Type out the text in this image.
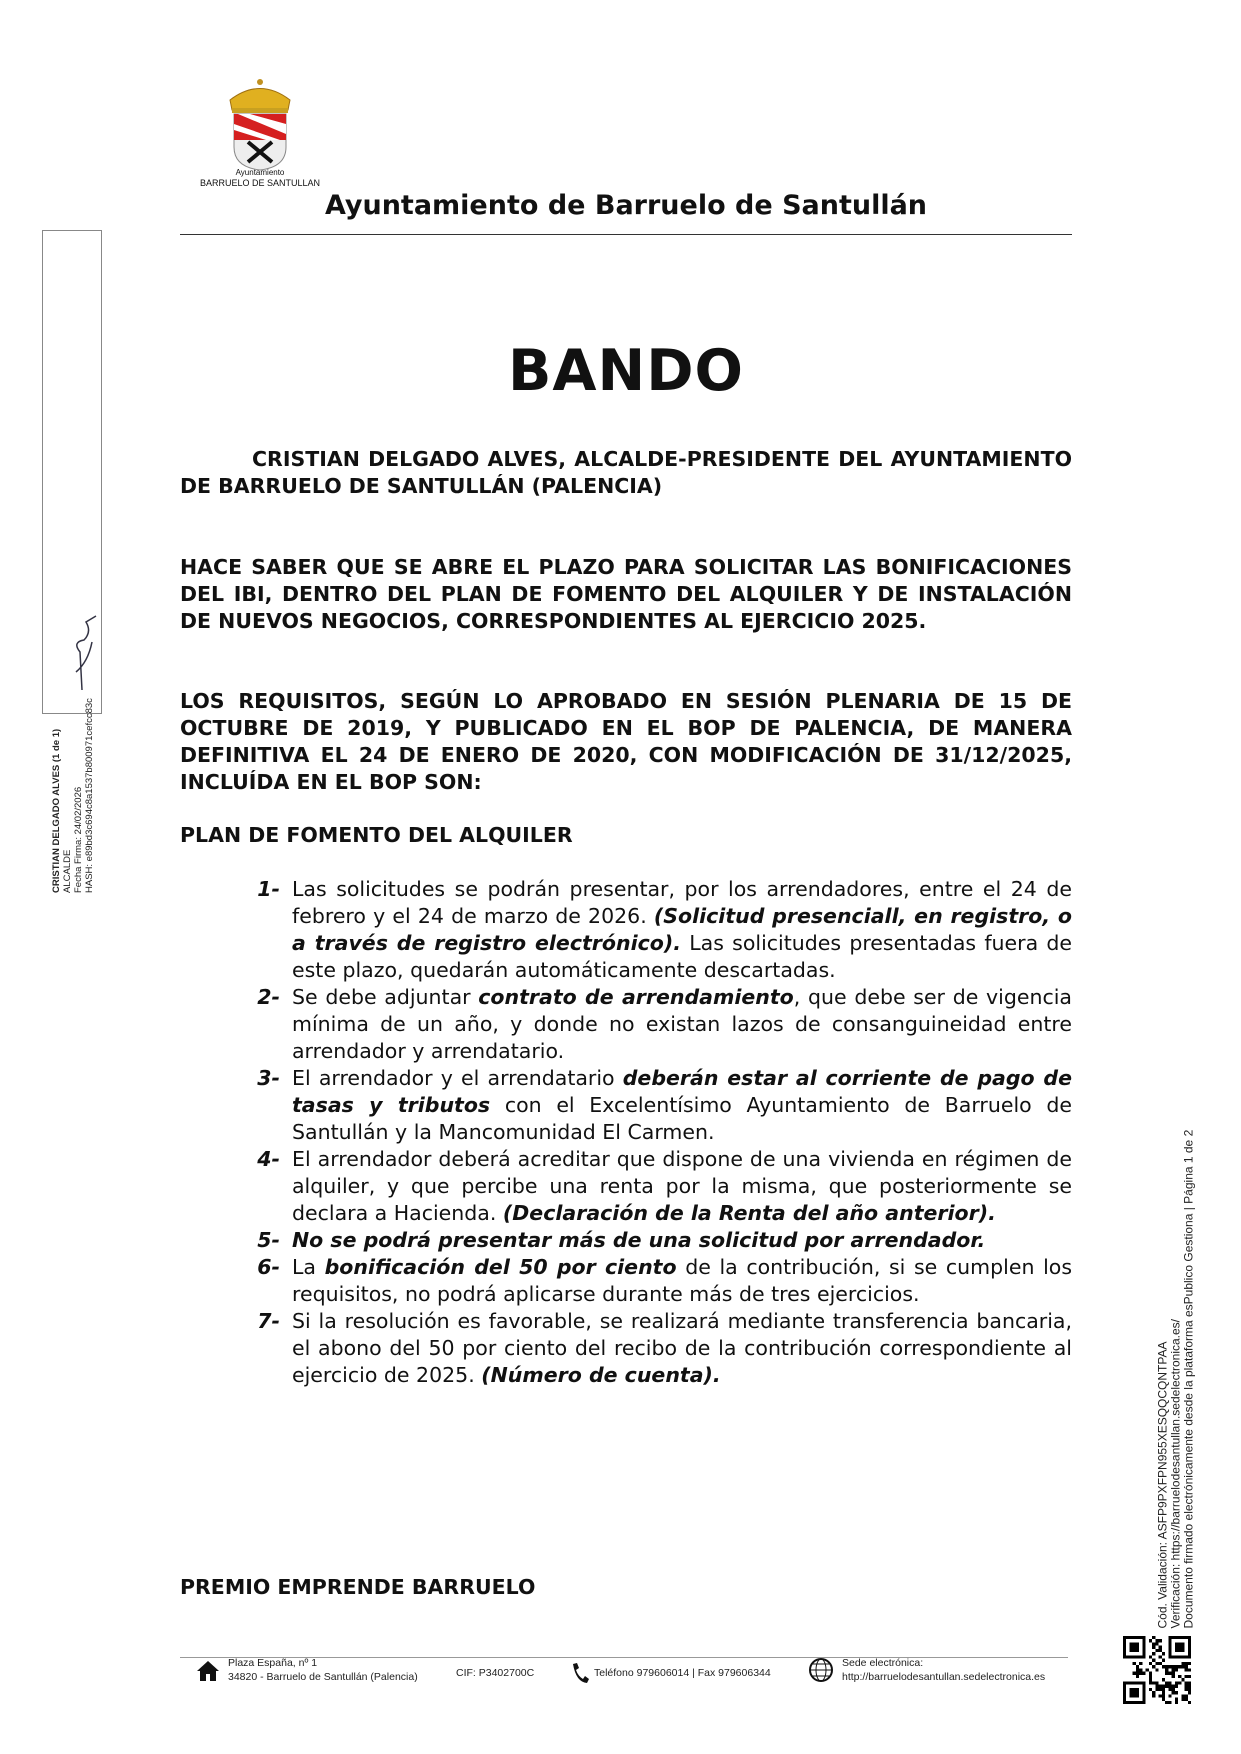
Ayuntamiento
BARRUELO DE SANTULLAN
Ayuntamiento de Barruelo de Santullán
BANDO
CRISTIAN DELGADO ALVES, ALCALDE-PRESIDENTE DEL AYUNTAMIENTO DE BARRUELO DE SANTULLÁN (PALENCIA)
HACE SABER QUE SE ABRE EL PLAZO PARA SOLICITAR LAS BONIFICACIONES DEL IBI, DENTRO DEL PLAN DE FOMENTO DEL ALQUILER Y DE INSTALACIÓN DE NUEVOS NEGOCIOS, CORRESPONDIENTES AL EJERCICIO 2025.
LOS REQUISITOS, SEGÚN LO APROBADO EN SESIÓN PLENARIA DE 15 DE OCTUBRE DE 2019, Y PUBLICADO EN EL BOP DE PALENCIA, DE MANERA DEFINITIVA EL 24 DE ENERO DE 2020, CON MODIFICACIÓN DE 31/12/2025, INCLUÍDA EN EL BOP SON:
PLAN DE FOMENTO DEL ALQUILER
1- Las solicitudes se podrán presentar, por los arrendadores, entre el 24 de febrero y el 24 de marzo de 2026. (Solicitud presenciall, en registro, o a través de registro electrónico). Las solicitudes presentadas fuera de este plazo, quedarán automáticamente descartadas.
2- Se debe adjuntar contrato de arrendamiento, que debe ser de vigencia mínima de un año, y donde no existan lazos de consanguineidad entre arrendador y arrendatario.
3- El arrendador y el arrendatario deberán estar al corriente de pago de tasas y tributos con el Excelentísimo Ayuntamiento de Barruelo de Santullán y la Mancomunidad El Carmen.
4- El arrendador deberá acreditar que dispone de una vivienda en régimen de alquiler, y que percibe una renta por la misma, que posteriormente se declara a Hacienda. (Declaración de la Renta del año anterior).
5- No se podrá presentar más de una solicitud por arrendador.
6- La bonificación del 50 por ciento de la contribución, si se cumplen los requisitos, no podrá aplicarse durante más de tres ejercicios.
7- Si la resolución es favorable, se realizará mediante transferencia bancaria, el abono del 50 por ciento del recibo de la contribución correspondiente al ejercicio de 2025. (Número de cuenta).
PREMIO EMPRENDE BARRUELO
CRISTIAN DELGADO ALVES (1 de 1) ALCALDE Fecha Firma: 24/02/2026 HASH: e89bd3c694c8a1537b800971cefcc83c
Cód. Validación: ASFP9PXFPN955XESQQCQNTPAA Verificación: https://barruelodesantullan.sedelectronica.es/ Documento firmado electrónicamente desde la plataforma esPublico Gestiona | Página 1 de 2
Plaza España, nº 1
34820 - Barruelo de Santullán (Palencia)	CIF: P3402700C	Teléfono 979606014 | Fax 979606344
Sede electrónica:
http://barruelodesantullan.sedelectronica.es
